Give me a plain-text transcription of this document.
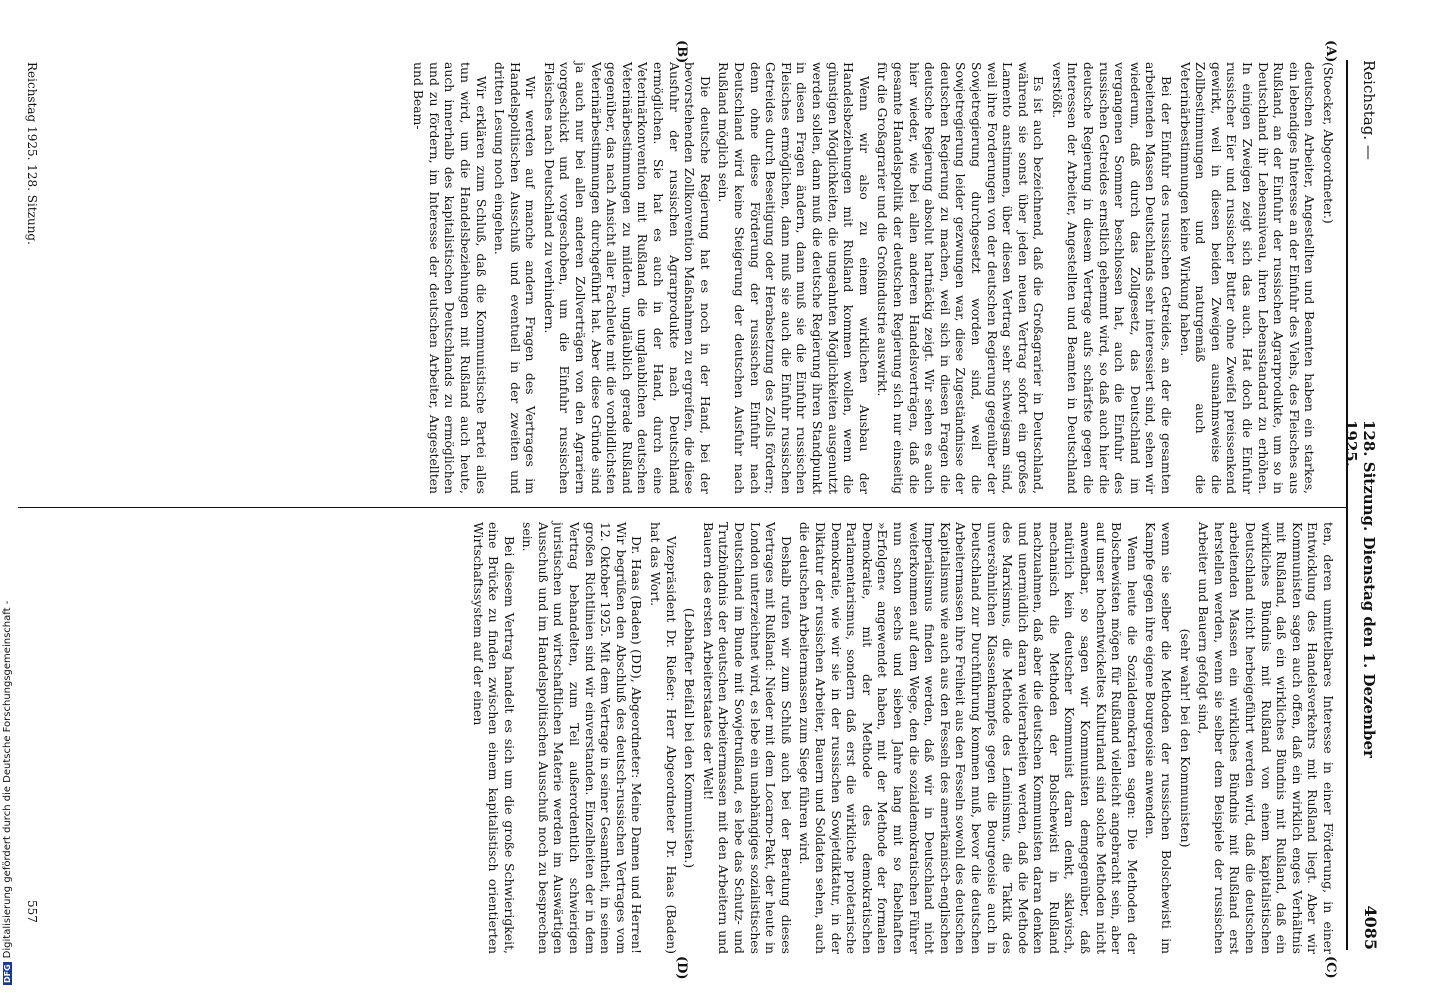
Reichstag. —
128. Sitzung. Dienstag den 1. Dezember 1925.
4085
(A)
(B)
(C)
(D)

(Stoecker, Abgeordneter.)

deutschen Arbeiter, Angestellten und Beamten haben ein starkes, ein lebendiges Interesse an der Einfuhr des Viehs, des Fleisches aus Rußland, an der Einfuhr der russischen Agrarprodukte, um so in Deutschland ihr Lebensniveau, ihren Lebensstandard zu erhöhen. In einigen Zweigen zeigt sich das auch. Hat doch die Einfuhr russischer Eier und russischer Butter ohne Zweifel preissenkend gewirkt, weil in diesen beiden Zweigen ausnahmsweise die Zollbestimmungen und naturgemäß auch die Veterinärbestimmungen keine Wirkung haben.

Bei der Einfuhr des russischen Getreides, an der die gesamten arbeitenden Massen Deutschlands sehr interessiert sind, sehen wir wiederum, daß durch das Zollgesetz, das Deutschland im vergangenen Sommer beschlossen hat, auch die Einfuhr des russischen Getreides ernstlich gehemmt wird, so daß auch hier die deutsche Regierung in diesem Vertrage aufs schärfste gegen die Interessen der Arbeiter, Angestellten und Beamten in Deutschland verstößt.

Es ist auch bezeichnend, daß die Großagrarier in Deutschland, während sie sonst über jeden neuen Vertrag sofort ein großes Lamento anstimmen, über diesen Vertrag sehr schweigsam sind, weil ihre Forderungen von der deutschen Regierung gegenüber der Sowjetregierung durchgesetzt worden sind, weil die Sowjetregierung leider gezwungen war, diese Zugeständnisse der deutschen Regierung zu machen, weil sich in diesen Fragen die deutsche Regierung absolut hartnäckig zeigt. Wir sehen es auch hier wieder, wie bei allen anderen Handelsverträgen, daß die gesamte Handelspolitik der deutschen Regierung sich nur einseitig für die Großagrarier und die Großindustrie auswirkt.

Wenn wir also zu einem wirklichen Ausbau der Handelsbeziehungen mit Rußland kommen wollen, wenn die günstigen Möglichkeiten, die ungeahnten Möglichkeiten ausgenutzt werden sollen, dann muß die deutsche Regierung ihren Standpunkt in diesen Fragen ändern, dann muß sie die Einfuhr russischen Fleisches ermöglichen, dann muß sie auch die Einfuhr russischen Getreides durch Beseitigung oder Herabsetzung des Zolls fördern; denn ohne diese Förderung der russischen Einfuhr nach Deutschland wird keine Steigerung der deutschen Ausfuhr nach Rußland möglich sein.

Die deutsche Regierung hat es noch in der Hand, bei der bevorstehenden Zollkonvention Maßnahmen zu ergreifen, die diese Ausfuhr der russischen Agrarprodukte nach Deutschland ermöglichen. Sie hat es auch in der Hand, durch eine Veterinärkonvention mit Rußland die unglaublichen deutschen Veterinärbestimmungen zu mildern, ungläublich gerade Rußland gegenüber, das nach Ansicht aller Fachleute mit die vorbildlichsten Veterinärbestimmungen durchgeführt hat. Aber diese Gründe sind ja auch nur bei allen anderen Zollverträgen von den Agrariern vorgeschickt und vorgeschoben, um die Einfuhr russischen Fleisches nach Deutschland zu verhindern.

Wir werden auf manche andern Fragen des Vertrages im Handelspolitischen Ausschuß und eventuell in der zweiten und dritten Lesung noch eingehen.

Wir erklären zum Schluß, daß die Kommunistische Partei alles tun wird, um die Handelsbeziehungen mit Rußland auch heute, auch innerhalb des kapitalistischen Deutschlands zu ermöglichen und zu fördern, im Interesse der deutschen Arbeiter, Angestellten und Beam-

ten, deren unmittelbares Interesse in einer Förderung, in einer Entwicklung des Handelsverkehrs mit Rußland liegt. Aber wir Kommunisten sagen auch offen, daß ein wirklich enges Verhältnis mit Rußland, daß ein wirkliches Bündnis mit Rußland, daß ein wirkliches Bündnis mit Rußland von einem kapitalistischen Deutschland nicht herbeigeführt werden wird, daß die deutschen arbeitenden Massen ein wirkliches Bündnis mit Rußland erst herstellen werden, wenn sie selber dem Beispiele der russischen Arbeiter und Bauern gefolgt sind,

(sehr wahr! bei den Kommunisten)

wenn sie selber die Methoden der russischen Bolschewisti im Kampfe gegen ihre eigene Bourgeoisie anwenden.

Wenn heute die Sozialdemokraten sagen: Die Methoden der Bolschewisten mögen für Rußland vielleicht angebracht sein, aber auf unser hochentwickeltes Kulturland sind solche Methoden nicht anwendbar, so sagen wir Kommunisten demgegenüber, daß natürlich kein deutscher Kommunist daran denkt, sklavisch, mechanisch die Methoden der Bolschewisti in Rußland nachzuahmen, daß aber die deutschen Kommunisten daran denken und unermüdlich daran weiterarbeiten werden, daß die Methode des Marxismus, die Methode des Leninismus, die Taktik des unversöhnlichen Klassenkampfes gegen die Bourgeoisie auch in Deutschland zur Durchführung kommen muß, bevor die deutschen Arbeitermassen ihre Freiheit aus den Fesseln sowohl des deutschen Kapitalismus wie auch aus den Fesseln des amerikanisch-englischen Imperialismus finden werden, daß wir in Deutschland nicht weiterkommen auf dem Wege, den die sozialdemokratischen Führer nun schon sechs und sieben Jahre lang mit so fabelhaften »Erfolgen« angewendet haben, mit der Methode der formalen Demokratie, mit der Methode des demokratischen Parlamentarismus, sondern daß erst die wirkliche proletarische Demokratie, wie wir sie in der russischen Sowjetdiktatur, in der Diktatur der russischen Arbeiter, Bauern und Soldaten sehen, auch die deutschen Arbeitermassen zum Siege führen wird.

Deshalb rufen wir zum Schluß auch bei der Beratung dieses Vertrages mit Rußland: Nieder mit dem Locarno-Pakt, der heute in London unterzeichnet wird, es lebe ein unabhängiges sozialistisches Deutschland im Bunde mit Sowjetrußland, es lebe das Schutz- und Trutzbündnis der deutschen Arbeitermassen mit den Arbeitern und Bauern des ersten Arbeiterstaates der Welt!

(Lebhafter Beifall bei den Kommunisten.)

Vizepräsident Dr. Rießer: Herr Abgeordneter Dr. Haas (Baden) hat das Wort.

Dr. Haas (Baden) (DD), Abgeordneter: Meine Damen und Herren! Wir begrüßen den Abschluß des deutsch-russischen Vertrages vom 12. Oktober 1925. Mit dem Vertrage in seiner Gesamtheit, in seinen großen Richtlinien sind wir einverstanden. Einzelheiten der in dem Vertrag behandelten, zum Teil außerordentlich schwierigen juristischen und wirtschaftlichen Materie werden im Auswärtigen Ausschuß und im Handelspolitischen Ausschuß noch zu besprechen sein.

Bei diesem Vertrag handelt es sich um die große Schwierigkeit, eine Brücke zu finden zwischen einem kapitalistisch orientierten Wirtschaftssystem auf der einen

Reichstag 1925. 128. Sitzung.
557
DFGDigitalisierung gefördert durch die Deutsche Forschungsgemeinschaft -
